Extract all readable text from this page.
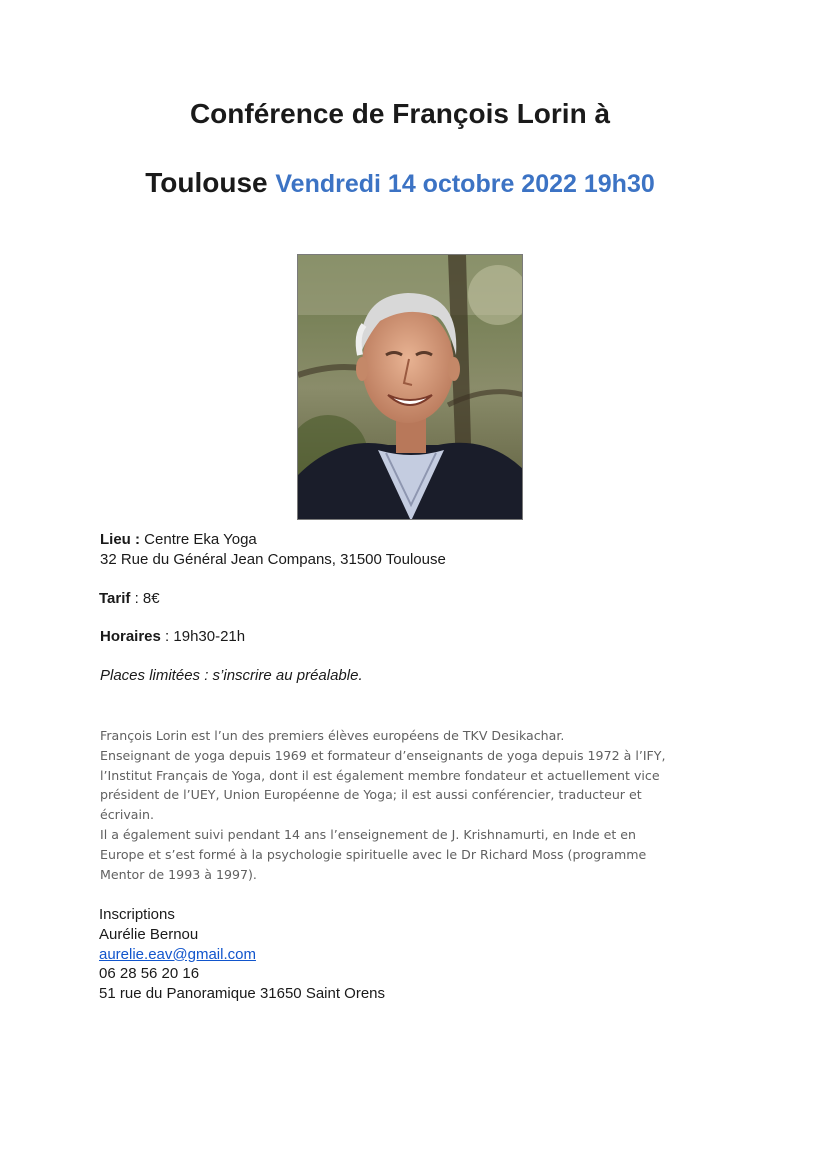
Conférence de François Lorin à
Toulouse Vendredi 14 octobre 2022 19h30

Lieu : Centre Eka Yoga
32 Rue du Général Jean Compans, 31500 Toulouse

Tarif : 8€

Horaires : 19h30-21h

Places limitées : s’inscrire au préalable.

François Lorin est l’un des premiers élèves européens de TKV Desikachar.
Enseignant de yoga depuis 1969 et formateur d’enseignants de yoga depuis 1972 à l’IFY,
l’Institut Français de Yoga, dont il est également membre fondateur et actuellement vice
président de l’UEY, Union Européenne de Yoga; il est aussi conférencier, traducteur et
écrivain.
Il a également suivi pendant 14 ans l’enseignement de J. Krishnamurti, en Inde et en
Europe et s’est formé à la psychologie spirituelle avec le Dr Richard Moss (programme
Mentor de 1993 à 1997).
Inscriptions
Aurélie Bernou
aurelie.eav@gmail.com
06 28 56 20 16
51 rue du Panoramique 31650 Saint Orens
